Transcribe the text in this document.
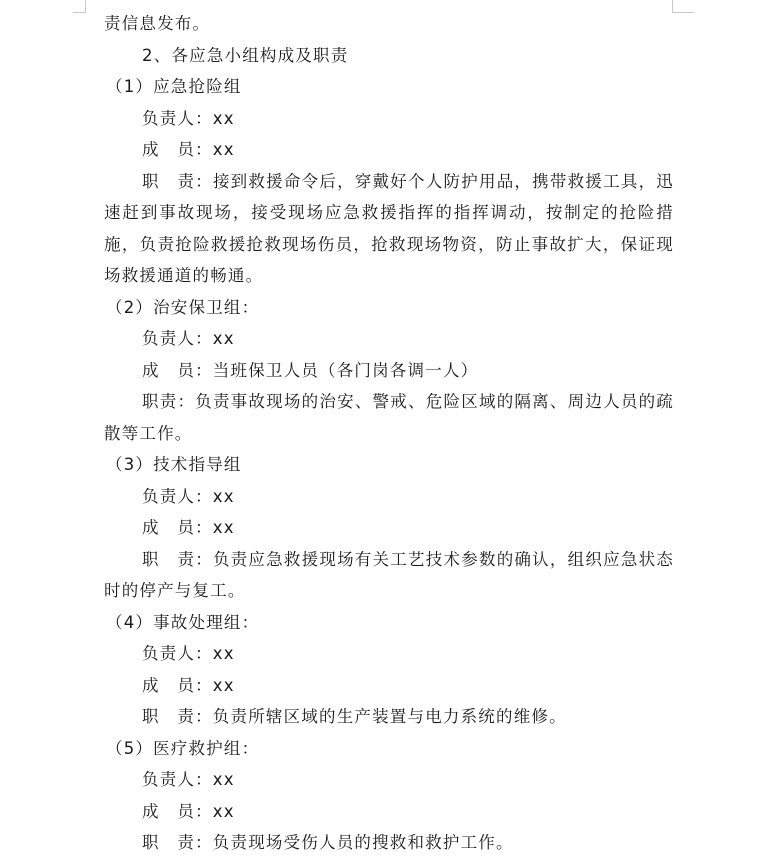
责信息发布。
2、各应急小组构成及职责
（1）应急抢险组
负责人：xx
成　员：xx
职　责：接到救援命令后，穿戴好个人防护用品，携带救援工具，迅速赶到事故现场，接受现场应急救援指挥的指挥调动，按制定的抢险措施，负责抢险救援抢救现场伤员，抢救现场物资，防止事故扩大，保证现场救援通道的畅通。
（2）治安保卫组：
负责人：xx
成　员：当班保卫人员（各门岗各调一人）
职责：负责事故现场的治安、警戒、危险区域的隔离、周边人员的疏散等工作。
（3）技术指导组
负责人：xx
成　员：xx
职　责：负责应急救援现场有关工艺技术参数的确认，组织应急状态时的停产与复工。
（4）事故处理组：
负责人：xx
成　员：xx
职　责：负责所辖区域的生产装置与电力系统的维修。
（5）医疗救护组：
负责人：xx
成　员：xx
职　责：负责现场受伤人员的搜救和救护工作。
